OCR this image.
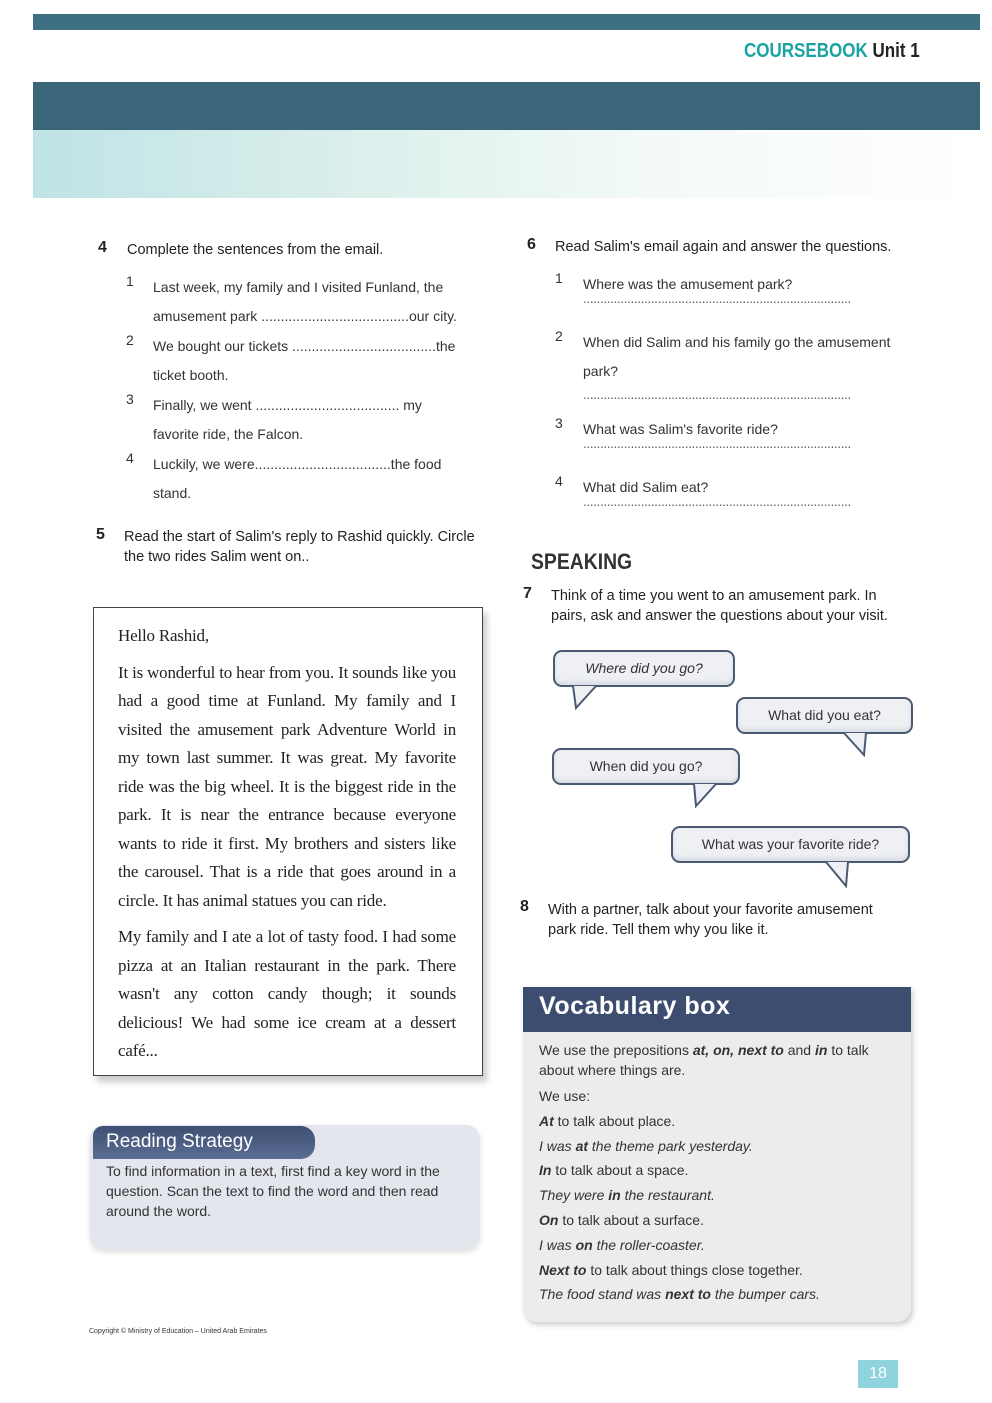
COURSEBOOK Unit 1
4 Complete the sentences from the email.
1 Last week, my family and I visited Funland, the
amusement park ......................................our city.
2 We bought our tickets .....................................the
ticket booth.
3 Finally, we went ..................................... my
favorite ride, the Falcon.
4 Luckily, we were...................................the food
stand.
5 Read the start of Salim's reply to Rashid quickly. Circle
the two rides Salim went on..

Hello Rashid,

It is wonderful to hear from you. It sounds like you had a good time at Funland. My family and I visited the amusement park Adventure World in my town last summer. It was great. My favorite ride was the big wheel. It is the biggest ride in the park. It is near the entrance because everyone wants to ride it first. My brothers and sisters like the carousel. That is a ride that goes around in a circle. It has animal statues you can ride.

My family and I ate a lot of tasty food. I had some pizza at an Italian restaurant in the park. There wasn't any cotton candy though; it sounds delicious! We had some ice cream at a dessert café...

Reading Strategy
To find information in a text, first find a key word in the question. Scan the text to find the word and then read around the word.
Copyright © Ministry of Education – United Arab Emirates
6 Read Salim's email again and answer the questions.
1 Where was the amusement park?
...............................................................................
2 When did Salim and his family go the amusement
park?
...............................................................................
3 What was Salim's favorite ride?
...............................................................................
4 What did Salim eat?
...............................................................................
SPEAKING
7 Think of a time you went to an amusement park. In
pairs, ask and answer the questions about your visit.
Where did you go?
What did you eat?
When did you go?
What was your favorite ride?
8 With a partner, talk about your favorite amusement
park ride. Tell them why you like it.
Vocabulary box
We use the prepositions at, on, next to and in to talk about where things are.
We use:
At to talk about place.
I was at the theme park yesterday.
In to talk about a space.
They were in the restaurant.
On to talk about a surface.
I was on the roller-coaster.
Next to to talk about things close together.
The food stand was next to the bumper cars.
18
